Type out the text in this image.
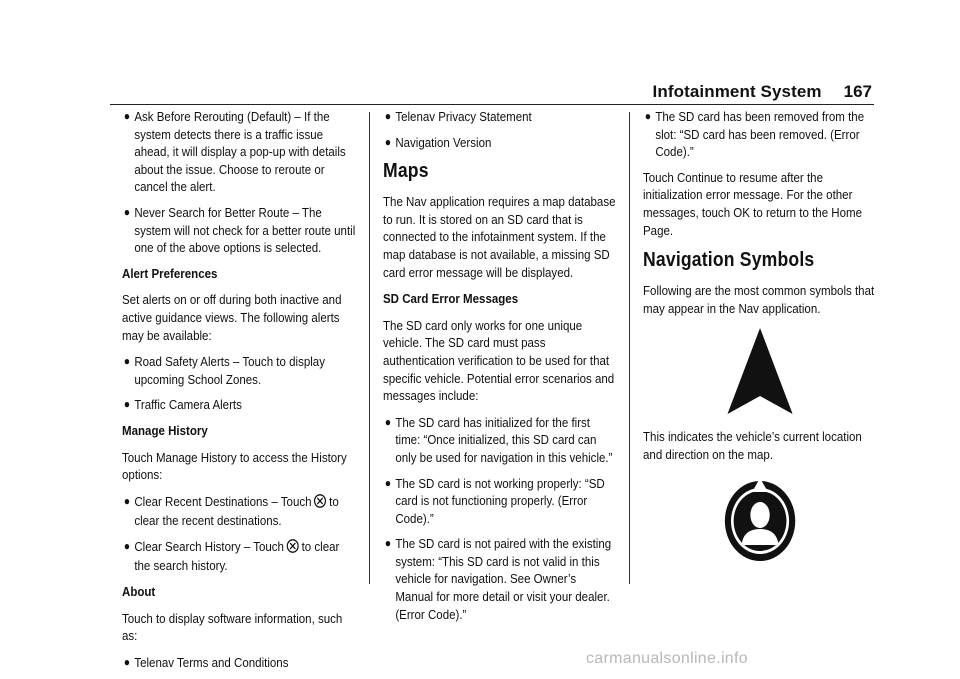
Infotainment System 167
● Ask Before Rerouting (Default) – If the system detects there is a traffic issue ahead, it will display a pop-up with details about the issue. Choose to reroute or cancel the alert.
● Never Search for Better Route – The system will not check for a better route until one of the above options is selected.

Alert Preferences

Set alerts on or off during both inactive and active guidance views. The following alerts may be available:

● Road Safety Alerts – Touch to display upcoming School Zones.
● Traffic Camera Alerts

Manage History

Touch Manage History to access the History options:

● Clear Recent Destinations – Touch to clear the recent destinations.
● Clear Search History – Touch to clear the search history.

About

Touch to display software information, such as:

● Telenav Terms and Conditions
● Telenav Privacy Statement
● Navigation Version
Maps

The Nav application requires a map database to run. It is stored on an SD card that is connected to the infotainment system. If the map database is not available, a missing SD card error message will be displayed.

SD Card Error Messages

The SD card only works for one unique vehicle. The SD card must pass authentication verification to be used for that specific vehicle. Potential error scenarios and messages include:

● The SD card has initialized for the first time: “Once initialized, this SD card can only be used for navigation in this vehicle.”
● The SD card is not working properly: “SD card is not functioning properly. (Error Code).”
● The SD card is not paired with the existing system: “This SD card is not valid in this vehicle for navigation. See Owner’s Manual for more detail or visit your dealer. (Error Code).”
● The SD card has been removed from the slot: “SD card has been removed. (Error Code).”

Touch Continue to resume after the initialization error message. For the other messages, touch OK to return to the Home Page.

Navigation Symbols

Following are the most common symbols that may appear in the Nav application.

This indicates the vehicle’s current location and direction on the map.

carmanualsonline.info
